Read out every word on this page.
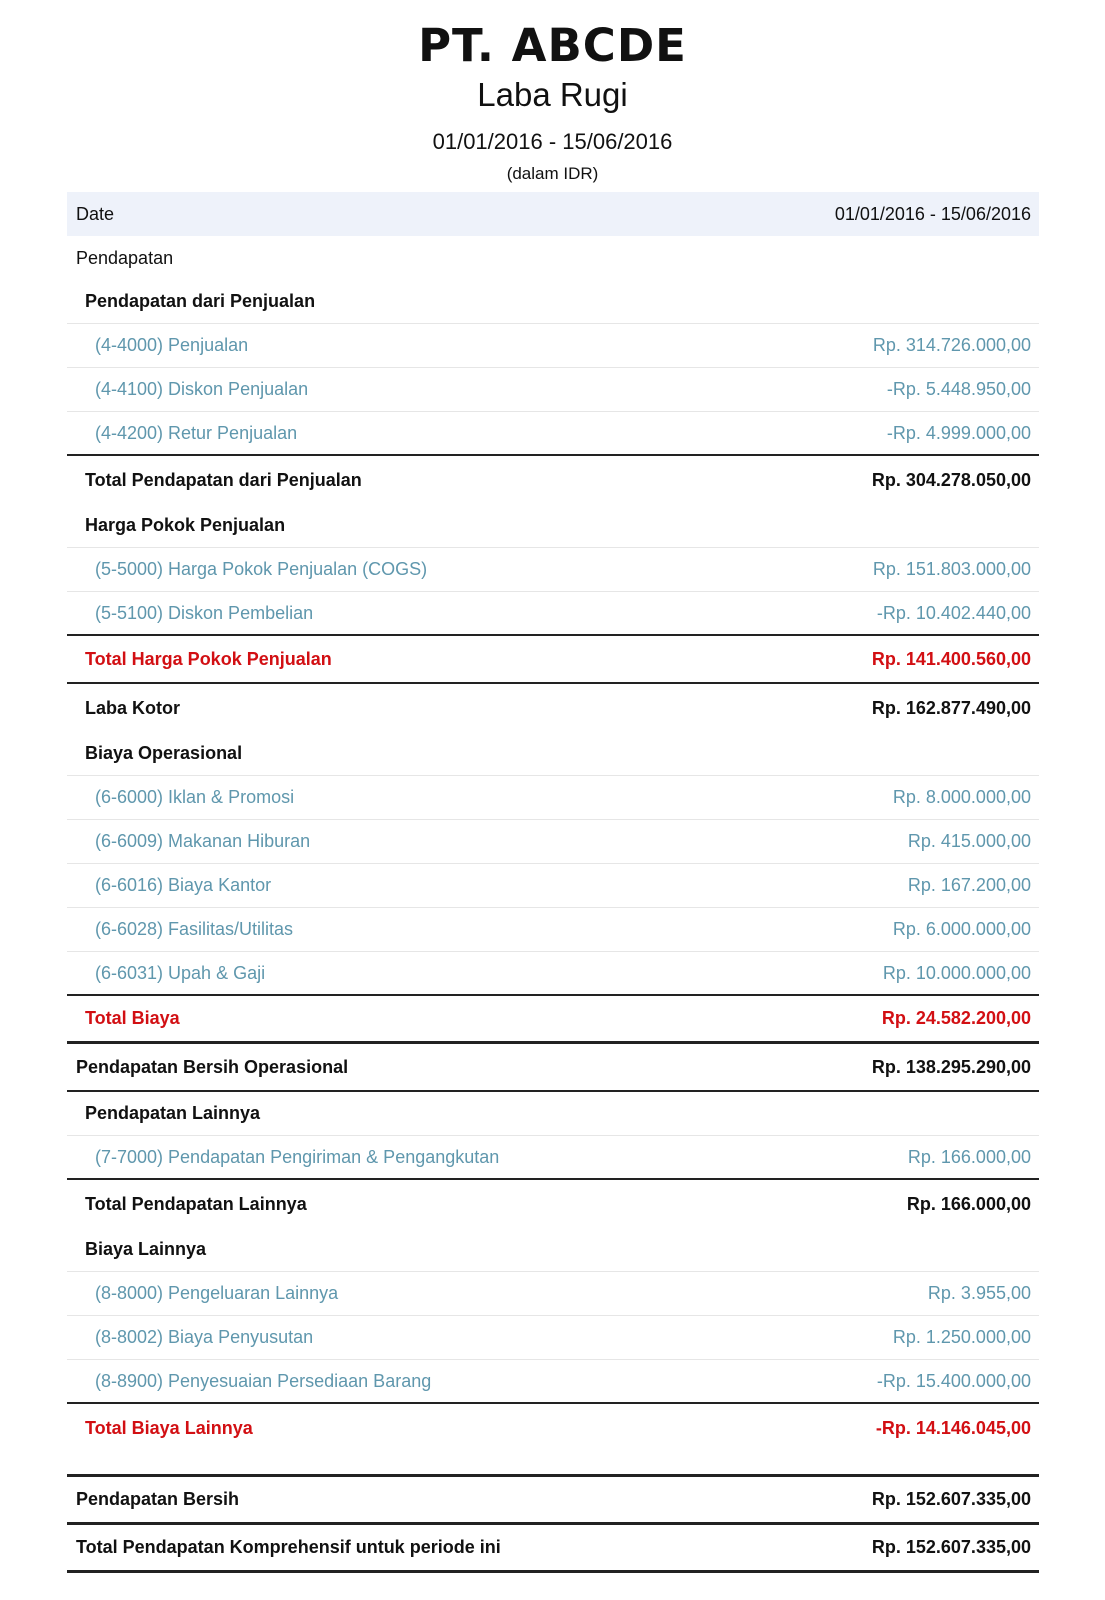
PT. ABCDE
Laba Rugi
01/01/2016 - 15/06/2016
(dalam IDR)
Date	01/01/2016 - 15/06/2016
Pendapatan
Pendapatan dari Penjualan
(4-4000) Penjualan	Rp. 314.726.000,00
(4-4100) Diskon Penjualan	-Rp. 5.448.950,00
(4-4200) Retur Penjualan	-Rp. 4.999.000,00
Total Pendapatan dari Penjualan	Rp. 304.278.050,00
Harga Pokok Penjualan
(5-5000) Harga Pokok Penjualan (COGS)	Rp. 151.803.000,00
(5-5100) Diskon Pembelian	-Rp. 10.402.440,00
Total Harga Pokok Penjualan	Rp. 141.400.560,00
Laba Kotor	Rp. 162.877.490,00
Biaya Operasional
(6-6000) Iklan & Promosi	Rp. 8.000.000,00
(6-6009) Makanan Hiburan	Rp. 415.000,00
(6-6016) Biaya Kantor	Rp. 167.200,00
(6-6028) Fasilitas/Utilitas	Rp. 6.000.000,00
(6-6031) Upah & Gaji	Rp. 10.000.000,00
Total Biaya	Rp. 24.582.200,00
Pendapatan Bersih Operasional	Rp. 138.295.290,00
Pendapatan Lainnya
(7-7000) Pendapatan Pengiriman & Pengangkutan	Rp. 166.000,00
Total Pendapatan Lainnya	Rp. 166.000,00
Biaya Lainnya
(8-8000) Pengeluaran Lainnya	Rp. 3.955,00
(8-8002) Biaya Penyusutan	Rp. 1.250.000,00
(8-8900) Penyesuaian Persediaan Barang	-Rp. 15.400.000,00
Total Biaya Lainnya	-Rp. 14.146.045,00
Pendapatan Bersih	Rp. 152.607.335,00
Total Pendapatan Komprehensif untuk periode ini	Rp. 152.607.335,00
